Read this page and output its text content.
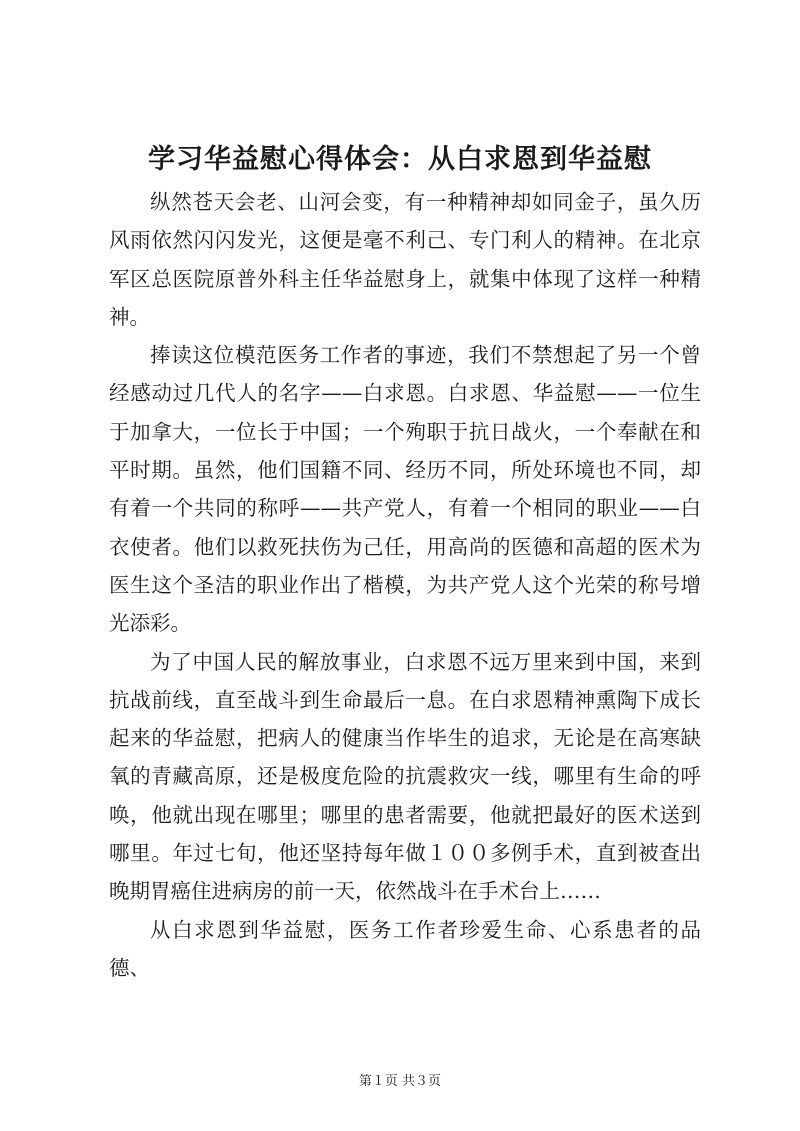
学习华益慰心得体会：从白求恩到华益慰

纵然苍天会老、山河会变，有一种精神却如同金子，虽久历风雨依然闪闪发光，这便是毫不利己、专门利人的精神。在北京军区总医院原普外科主任华益慰身上，就集中体现了这样一种精神。

捧读这位模范医务工作者的事迹，我们不禁想起了另一个曾经感动过几代人的名字——白求恩。白求恩、华益慰——一位生于加拿大，一位长于中国；一个殉职于抗日战火，一个奉献在和平时期。虽然，他们国籍不同、经历不同，所处环境也不同，却有着一个共同的称呼——共产党人，有着一个相同的职业——白衣使者。他们以救死扶伤为己任，用高尚的医德和高超的医术为医生这个圣洁的职业作出了楷模，为共产党人这个光荣的称号增光添彩。

为了中国人民的解放事业，白求恩不远万里来到中国，来到抗战前线，直至战斗到生命最后一息。在白求恩精神熏陶下成长起来的华益慰，把病人的健康当作毕生的追求，无论是在高寒缺氧的青藏高原，还是极度危险的抗震救灾一线，哪里有生命的呼唤，他就出现在哪里；哪里的患者需要，他就把最好的医术送到哪里。年过七旬，他还坚持每年做１００多例手术，直到被查出晚期胃癌住进病房的前一天，依然战斗在手术台上……

从白求恩到华益慰，医务工作者珍爱生命、心系患者的品德、

第１页 共３页
